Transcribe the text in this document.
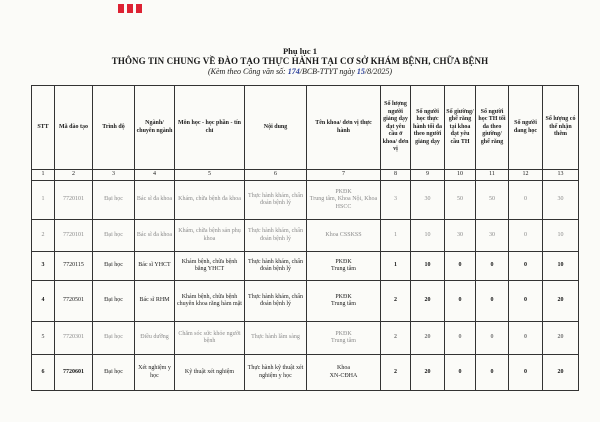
Phụ lục 1
THÔNG TIN CHUNG VỀ ĐÀO TẠO THỰC HÀNH TẠI CƠ SỞ KHÁM BỆNH, CHỮA BỆNH
(Kèm theo Công văn số: 174/BCB-TTYT ngày 15/8/2025)
STT	Mã đào tạo	Trình độ	Ngành/ chuyên ngành	Môn học - học phần - tín chỉ	Nội dung	Tên khoa/ đơn vị thực hành	Số lượng người giảng dạy đạt yêu cầu ở khoa/ đơn vị	Số người học thực hành tối đa theo người giảng dạy	Số giường/ ghế răng tại khoa đạt yêu cầu TH	Số người học TH tối đa theo giường/ ghế răng	Số người đang học	Số lượng có thể nhận thêm
1	2	3	4	5	6	7	8	9	10	11	12	13
1	7720101	Đại học	Bác sĩ đa khoa	Khám, chữa bệnh đa khoa	Thực hành khám, chẩn đoán bệnh lý	PKĐK
Trung tâm, Khoa Nội, Khoa HSCC	3	30	50	50	0	30
2	7720101	Đại học	Bác sĩ đa khoa	Khám, chữa bệnh sản phụ khoa	Thực hành khám, chẩn đoán bệnh lý	Khoa CSSKSS	1	10	30	30	0	10
3	7720115	Đại học	Bác sĩ YHCT	Khám bệnh, chữa bệnh bằng YHCT	Thực hành khám, chẩn đoán bệnh lý	PKĐK
Trung tâm	1	10	0	0	0	10
4	7720501	Đại học	Bác sĩ RHM	Khám bệnh, chữa bệnh chuyên khoa răng hàm mặt	Thực hành khám, chẩn đoán bệnh lý	PKĐK
Trung tâm	2	20	0	0	0	20
5	7720301	Đại học	Điều dưỡng	Chăm sóc sức khỏe người bệnh	Thực hành lâm sàng	PKĐK
Trung tâm	2	20	0	0	0	20
6	7720601	Đại học	Xét nghiệm y học	Kỹ thuật xét nghiệm	Thực hành kỹ thuật xét nghiệm y học	Khoa
XN-CĐHA	2	20	0	0	0	20
